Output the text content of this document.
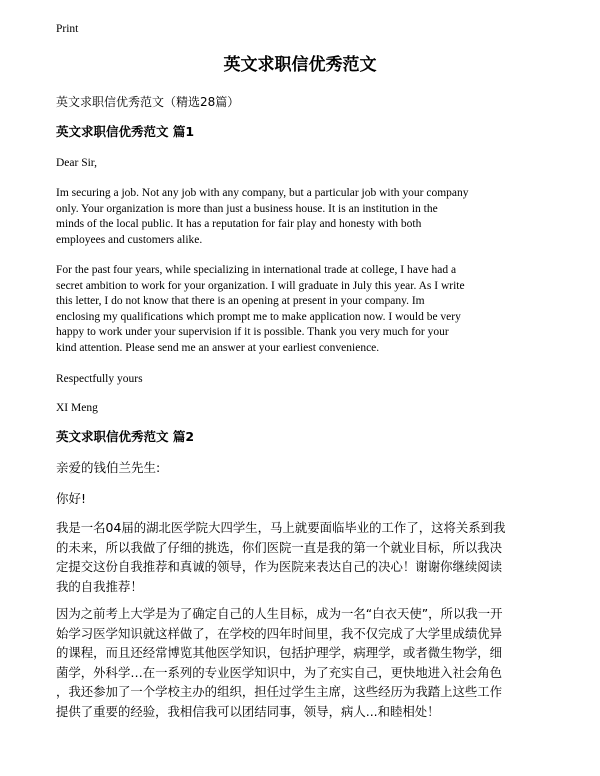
Print
英文求职信优秀范文
英文求职信优秀范文（精选28篇）
英文求职信优秀范文 篇1
Dear Sir,
Im securing a job. Not any job with any company, but a particular job with your company
only. Your organization is more than just a business house. It is an institution in the
minds of the local public. It has a reputation for fair play and honesty with both
employees and customers alike.
For the past four years, while specializing in international trade at college, I have had a
secret ambition to work for your organization. I will graduate in July this year. As I write
this letter, I do not know that there is an opening at present in your company. Im
enclosing my qualifications which prompt me to make application now. I would be very
happy to work under your supervision if it is possible. Thank you very much for your
kind attention. Please send me an answer at your earliest convenience.
Respectfully yours
XI Meng
英文求职信优秀范文 篇2
亲爱的钱伯兰先生:
你好!
我是一名04届的湖北医学院大四学生，马上就要面临毕业的工作了，这将关系到我
的未来，所以我做了仔细的挑选，你们医院一直是我的第一个就业目标，所以我决
定提交这份自我推荐和真诚的领导，作为医院来表达自己的决心！谢谢你继续阅读
我的自我推荐！
因为之前考上大学是为了确定自己的人生目标，成为一名“白衣天使”，所以我一开
始学习医学知识就这样做了，在学校的四年时间里，我不仅完成了大学里成绩优异
的课程，而且还经常博览其他医学知识，包括护理学，病理学，或者微生物学，细
菌学，外科学…在一系列的专业医学知识中，为了充实自己，更快地进入社会角色
，我还参加了一个学校主办的组织，担任过学生主席，这些经历为我踏上这些工作
提供了重要的经验，我相信我可以团结同事，领导，病人...和睦相处！
